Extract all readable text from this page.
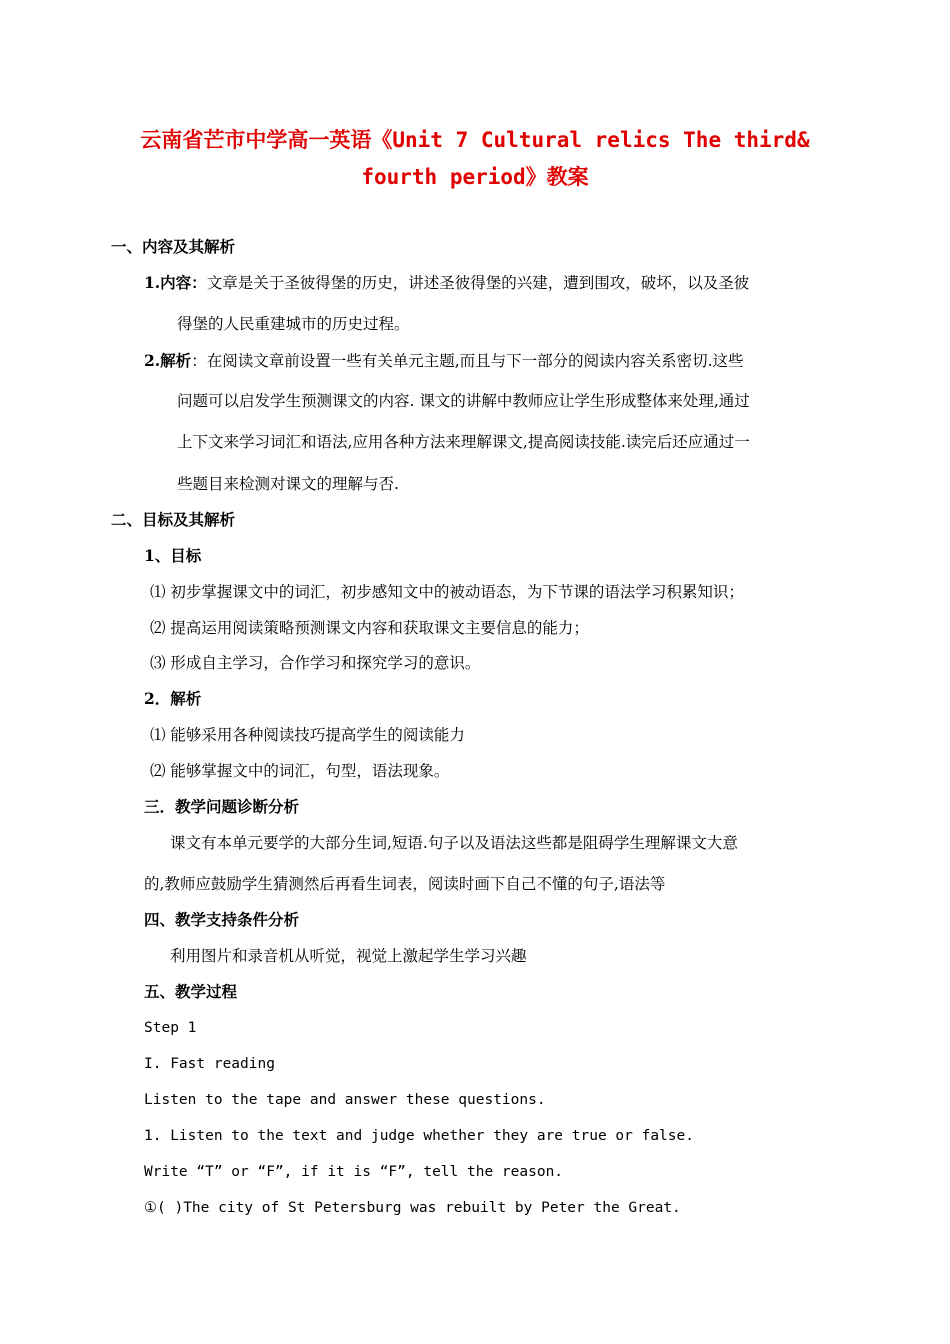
云南省芒市中学高一英语《Unit 7 Cultural relics The third&
fourth period》教案
一、内容及其解析
1.内容：文章是关于圣彼得堡的历史，讲述圣彼得堡的兴建，遭到围攻，破坏，以及圣彼
得堡的人民重建城市的历史过程。
2.解析：在阅读文章前设置一些有关单元主题,而且与下一部分的阅读内容关系密切.这些
问题可以启发学生预测课文的内容. 课文的讲解中教师应让学生形成整体来处理,通过
上下文来学习词汇和语法,应用各种方法来理解课文,提高阅读技能.读完后还应通过一
些题目来检测对课文的理解与否.
二、目标及其解析
1、目标
⑴ 初步掌握课文中的词汇，初步感知文中的被动语态，为下节课的语法学习积累知识；
⑵ 提高运用阅读策略预测课文内容和获取课文主要信息的能力；
⑶ 形成自主学习，合作学习和探究学习的意识。
2．解析
⑴ 能够采用各种阅读技巧提高学生的阅读能力
⑵ 能够掌握文中的词汇，句型，语法现象。
三．教学问题诊断分析
课文有本单元要学的大部分生词,短语.句子以及语法这些都是阻碍学生理解课文大意
的,教师应鼓励学生猜测然后再看生词表，阅读时画下自己不懂的句子,语法等
四、教学支持条件分析
利用图片和录音机从听觉，视觉上激起学生学习兴趣
五、教学过程
Step 1
I. Fast reading
Listen to the tape and answer these questions.
1. Listen to the text and judge whether they are true or false.
Write “T” or “F”, if it is “F”, tell the reason.
①( )The city of St Petersburg was rebuilt by Peter the Great.
